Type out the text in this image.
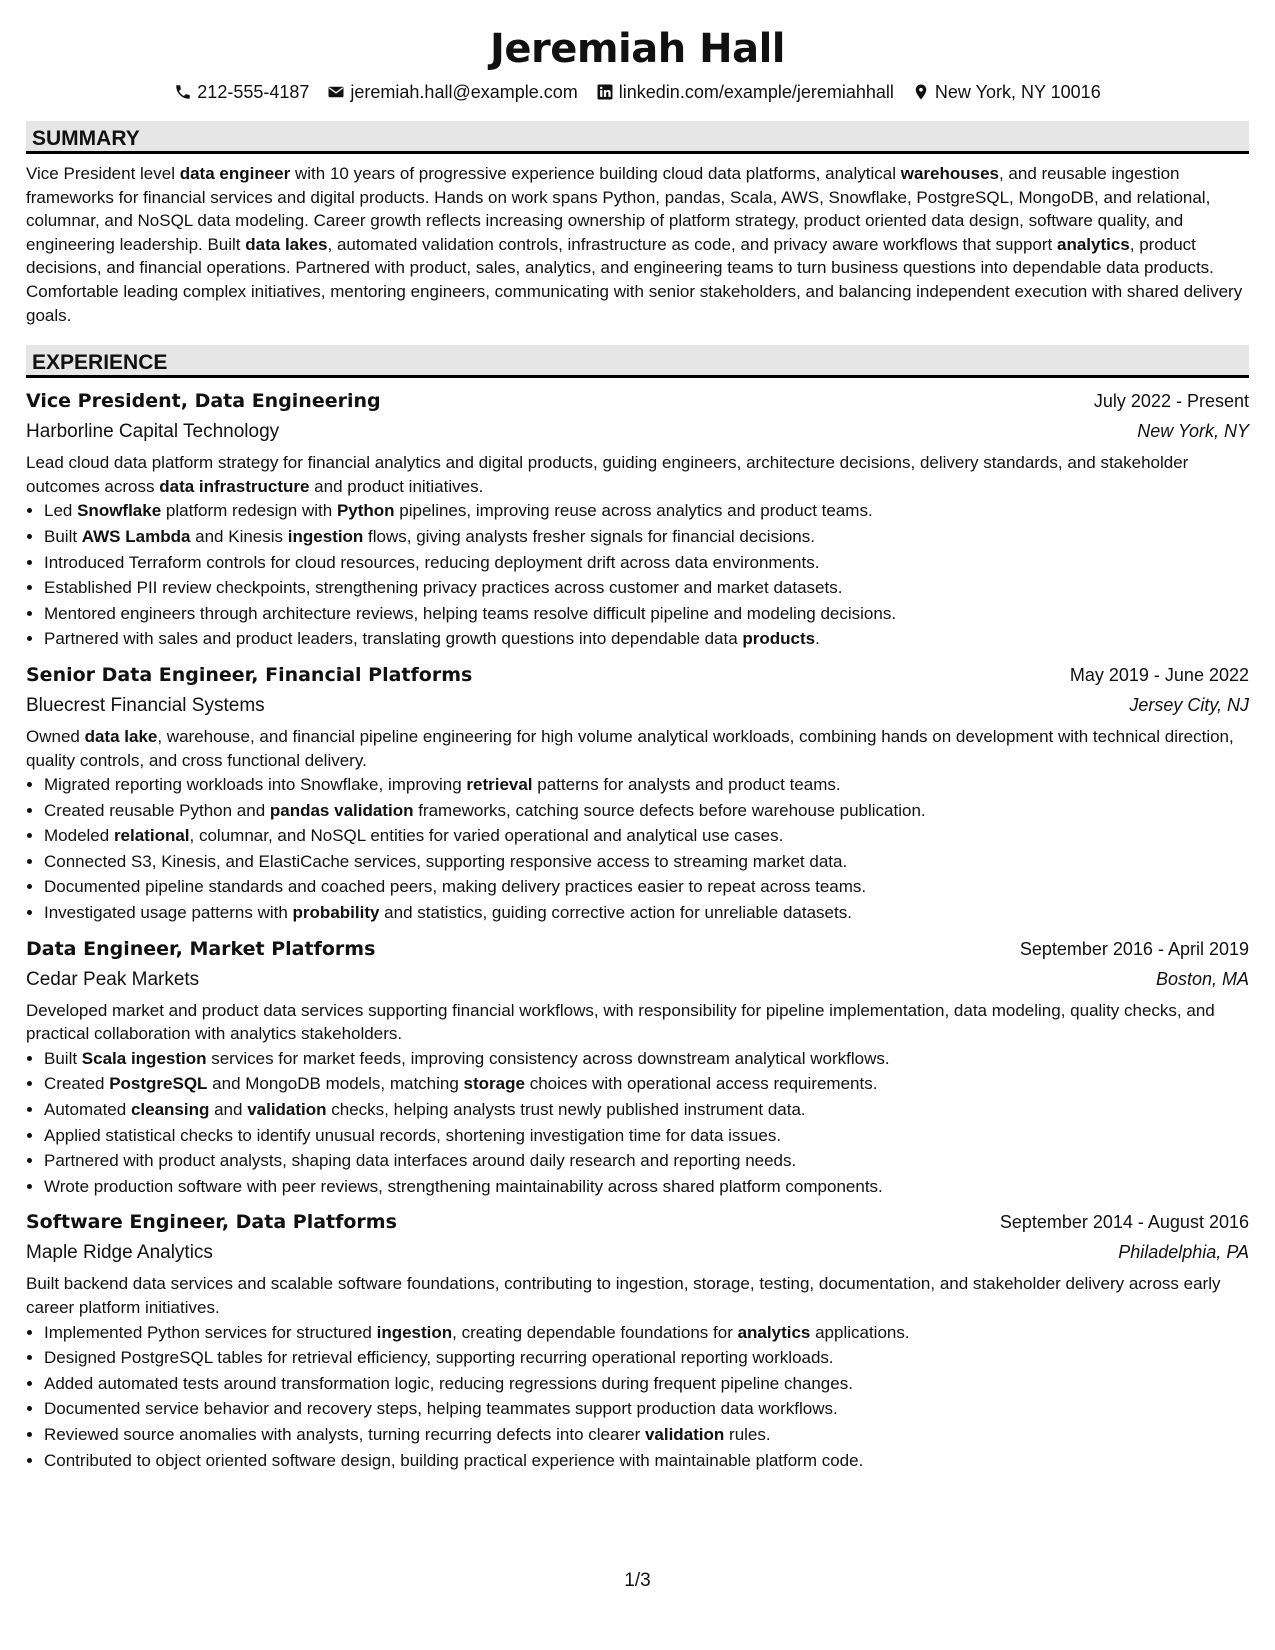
Jeremiah Hall
212-555-4187 jeremiah.hall@example.com linkedin.com/example/jeremiahhall New York, NY 10016
SUMMARY

Vice President level data engineer with 10 years of progressive experience building cloud data platforms, analytical warehouses, and reusable ingestion frameworks for financial services and digital products. Hands on work spans Python, pandas, Scala, AWS, Snowflake, PostgreSQL, MongoDB, and relational, columnar, and NoSQL data modeling. Career growth reflects increasing ownership of platform strategy, product oriented data design, software quality, and engineering leadership. Built data lakes, automated validation controls, infrastructure as code, and privacy aware workflows that support analytics, product decisions, and financial operations. Partnered with product, sales, analytics, and engineering teams to turn business questions into dependable data products. Comfortable leading complex initiatives, mentoring engineers, communicating with senior stakeholders, and balancing independent execution with shared delivery goals.

EXPERIENCE
Vice President, Data Engineering	July 2022 - Present
Harborline Capital Technology	New York, NY

Lead cloud data platform strategy for financial analytics and digital products, guiding engineers, architecture decisions, delivery standards, and stakeholder outcomes across data infrastructure and product initiatives.

• Led Snowflake platform redesign with Python pipelines, improving reuse across analytics and product teams.
• Built AWS Lambda and Kinesis ingestion flows, giving analysts fresher signals for financial decisions.
• Introduced Terraform controls for cloud resources, reducing deployment drift across data environments.
• Established PII review checkpoints, strengthening privacy practices across customer and market datasets.
• Mentored engineers through architecture reviews, helping teams resolve difficult pipeline and modeling decisions.
• Partnered with sales and product leaders, translating growth questions into dependable data products.
Senior Data Engineer, Financial Platforms	May 2019 - June 2022
Bluecrest Financial Systems	Jersey City, NJ

Owned data lake, warehouse, and financial pipeline engineering for high volume analytical workloads, combining hands on development with technical direction, quality controls, and cross functional delivery.

• Migrated reporting workloads into Snowflake, improving retrieval patterns for analysts and product teams.
• Created reusable Python and pandas validation frameworks, catching source defects before warehouse publication.
• Modeled relational, columnar, and NoSQL entities for varied operational and analytical use cases.
• Connected S3, Kinesis, and ElastiCache services, supporting responsive access to streaming market data.
• Documented pipeline standards and coached peers, making delivery practices easier to repeat across teams.
• Investigated usage patterns with probability and statistics, guiding corrective action for unreliable datasets.
Data Engineer, Market Platforms	September 2016 - April 2019
Cedar Peak Markets	Boston, MA

Developed market and product data services supporting financial workflows, with responsibility for pipeline implementation, data modeling, quality checks, and practical collaboration with analytics stakeholders.

• Built Scala ingestion services for market feeds, improving consistency across downstream analytical workflows.
• Created PostgreSQL and MongoDB models, matching storage choices with operational access requirements.
• Automated cleansing and validation checks, helping analysts trust newly published instrument data.
• Applied statistical checks to identify unusual records, shortening investigation time for data issues.
• Partnered with product analysts, shaping data interfaces around daily research and reporting needs.
• Wrote production software with peer reviews, strengthening maintainability across shared platform components.
Software Engineer, Data Platforms	September 2014 - August 2016
Maple Ridge Analytics	Philadelphia, PA

Built backend data services and scalable software foundations, contributing to ingestion, storage, testing, documentation, and stakeholder delivery across early career platform initiatives.

• Implemented Python services for structured ingestion, creating dependable foundations for analytics applications.
• Designed PostgreSQL tables for retrieval efficiency, supporting recurring operational reporting workloads.
• Added automated tests around transformation logic, reducing regressions during frequent pipeline changes.
• Documented service behavior and recovery steps, helping teammates support production data workflows.
• Reviewed source anomalies with analysts, turning recurring defects into clearer validation rules.
• Contributed to object oriented software design, building practical experience with maintainable platform code.
1/3
